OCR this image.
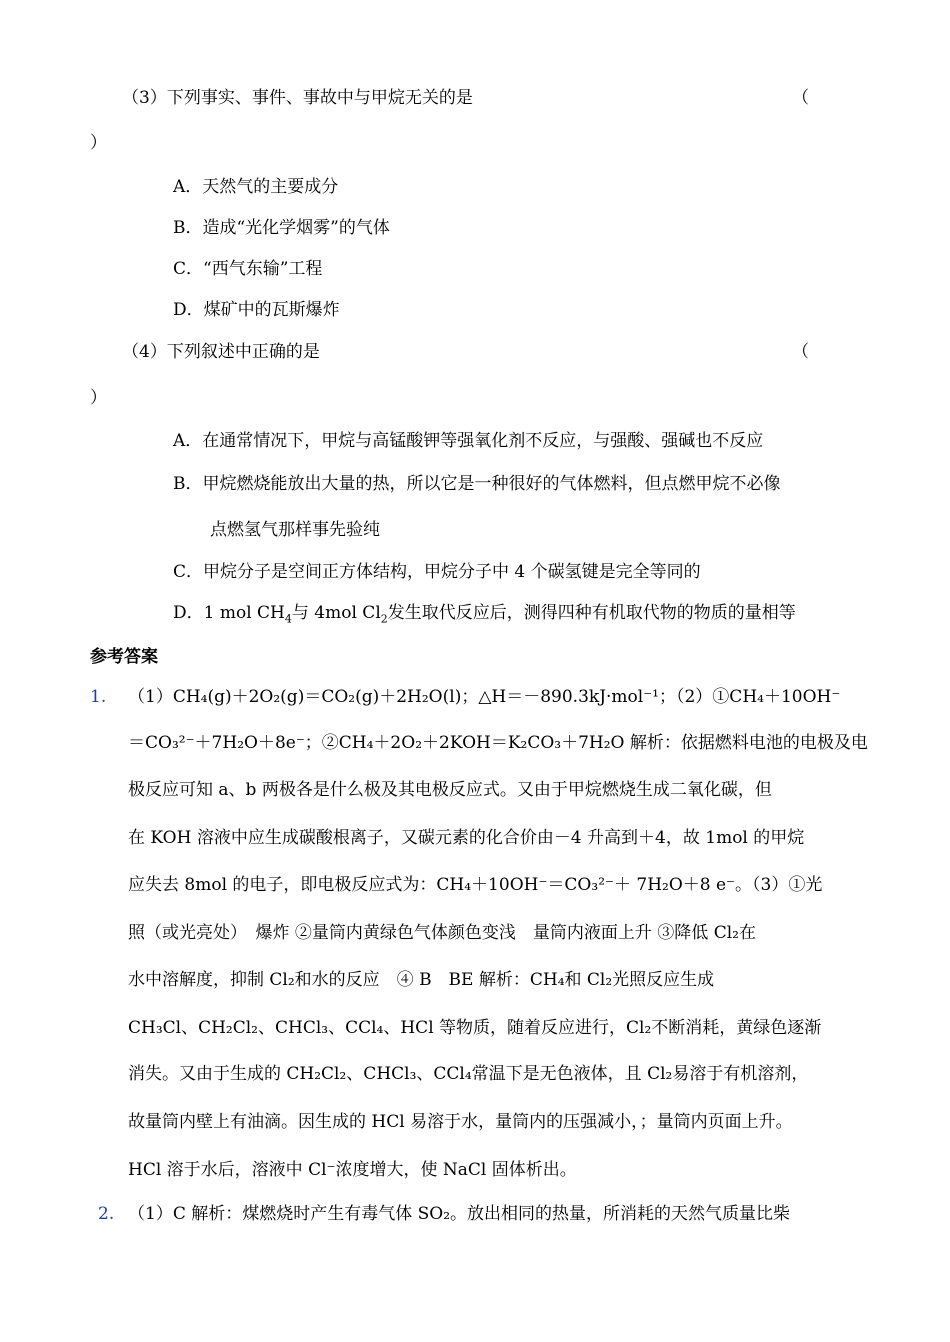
（3）下列事实、事件、事故中与甲烷无关的是	（
）
A．天然气的主要成分
B．造成“光化学烟雾”的气体
C．“西气东输”工程
D．煤矿中的瓦斯爆炸
（4）下列叙述中正确的是	（
）
A．在通常情况下，甲烷与高锰酸钾等强氧化剂不反应，与强酸、强碱也不反应
B．甲烷燃烧能放出大量的热，所以它是一种很好的气体燃料，但点燃甲烷不必像
点燃氢气那样事先验纯
C．甲烷分子是空间正方体结构，甲烷分子中 4 个碳氢键是完全等同的
D．1 mol $CH_4$与 4mol $Cl_2$发生取代反应后，测得四种有机取代物的物质的量相等
参考答案
1. （1）CH₄(g)＋2O₂(g)＝CO₂(g)＋2H₂O(l)；△H＝－890.3kJ·mol⁻¹；（2）①CH₄＋10OH⁻
＝CO₃²⁻＋7H₂O＋8e⁻；②CH₄＋2O₂＋2KOH＝K₂CO₃＋7H₂O 解析：依据燃料电池的电极及电
极反应可知 a、b 两极各是什么极及其电极反应式。又由于甲烷燃烧生成二氧化碳，但
在 KOH 溶液中应生成碳酸根离子，又碳元素的化合价由－4 升高到＋4，故 1mol 的甲烷
应失去 8mol 的电子，即电极反应式为：CH₄＋10OH⁻＝CO₃²⁻＋ 7H₂O＋8 e⁻。（3）①光
照（或光亮处）　爆炸 ②量筒内黄绿色气体颜色变浅　量筒内液面上升 ③降低 Cl₂在
水中溶解度，抑制 Cl₂和水的反应　④ B　BE 解析：CH₄和 Cl₂光照反应生成
CH₃Cl、CH₂Cl₂、CHCl₃、CCl₄、HCl 等物质，随着反应进行，Cl₂不断消耗，黄绿色逐渐
消失。又由于生成的 CH₂Cl₂、CHCl₃、CCl₄常温下是无色液体，且 Cl₂易溶于有机溶剂，
故量筒内壁上有油滴。因生成的 HCl 易溶于水，量筒内的压强减小，；量筒内页面上升。
HCl 溶于水后，溶液中 Cl⁻浓度增大，使 NaCl 固体析出。
2. （1）C 解析：煤燃烧时产生有毒气体 SO₂。放出相同的热量，所消耗的天然气质量比柴
